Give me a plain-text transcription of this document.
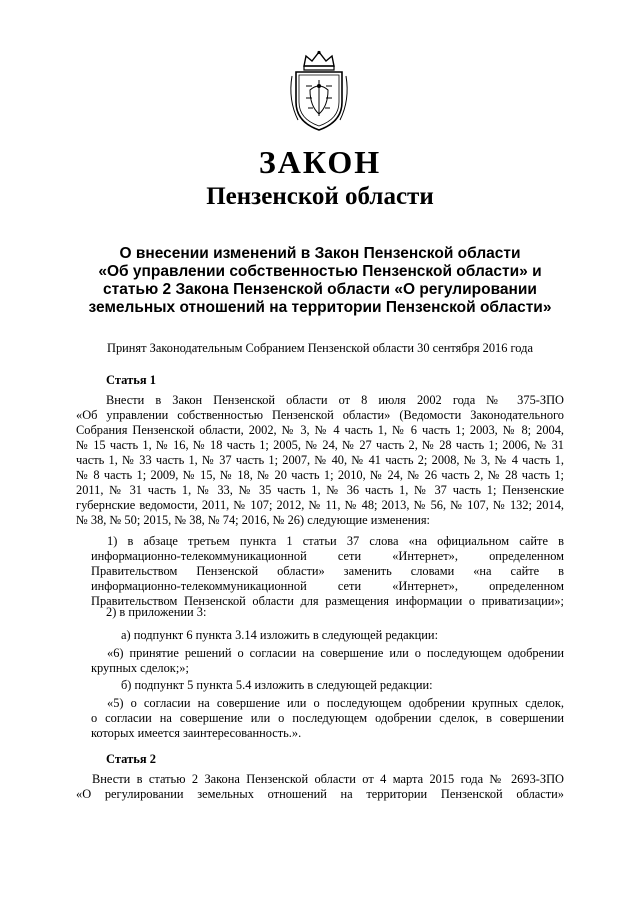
ЗАКОН
Пензенской области
О внесении изменений в Закон Пензенской области
«Об управлении собственностью Пензенской области» и
статью 2 Закона Пензенской области «О регулировании
земельных отношений на территории Пензенской области»
Принят Законодательным Собранием Пензенской области 30 сентября 2016 года
Статья 1
Внести в Закон Пензенской области от 8 июля 2002 года № 375-ЗПО
«Об управлении собственностью Пензенской области» (Ведомости Законодательного
Собрания Пензенской области, 2002, № 3, № 4 часть 1, № 6 часть 1; 2003, № 8; 2004,
№ 15 часть 1, № 16, № 18 часть 1; 2005, № 24, № 27 часть 2, № 28 часть 1; 2006, № 31
часть 1, № 33 часть 1, № 37 часть 1; 2007, № 40, № 41 часть 2; 2008, № 3, № 4 часть 1,
№ 8 часть 1; 2009, № 15, № 18, № 20 часть 1; 2010, № 24, № 26 часть 2, № 28 часть 1;
2011, № 31 часть 1, № 33, № 35 часть 1, № 36 часть 1, № 37 часть 1; Пензенские
губернские ведомости, 2011, № 107; 2012, № 11, № 48; 2013, № 56, № 107, № 132; 2014,
№ 38, № 50; 2015, № 38, № 74; 2016, № 26) следующие изменения:
1) в абзаце третьем пункта 1 статьи 37 слова «на официальном сайте в
информационно-телекоммуникационной сети «Интернет», определенном
Правительством Пензенской области» заменить словами «на сайте в
информационно-телекоммуникационной сети «Интернет», определенном
Правительством Пензенской области для размещения информации о приватизации»;
2) в приложении 3:
а) подпункт 6 пункта 3.14 изложить в следующей редакции:
«6) принятие решений о согласии на совершение или о последующем одобрении
крупных сделок;»;
б) подпункт 5 пункта 5.4 изложить в следующей редакции:
«5) о согласии на совершение или о последующем одобрении крупных сделок,
о согласии на совершение или о последующем одобрении сделок, в совершении
которых имеется заинтересованность.».
Статья 2
Внести в статью 2 Закона Пензенской области от 4 марта 2015 года № 2693-ЗПО
«О регулировании земельных отношений на территории Пензенской области»
